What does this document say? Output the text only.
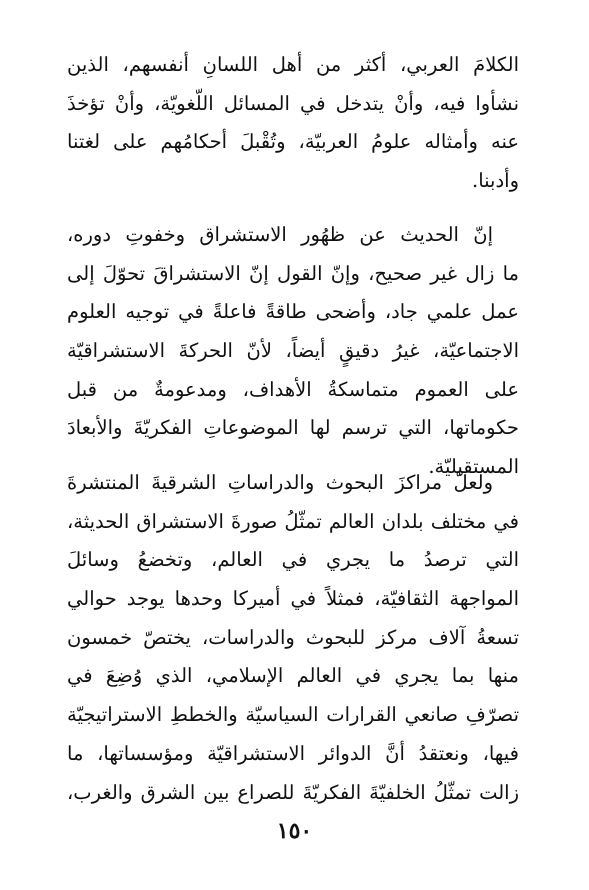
الكلامَ العربي، أكثر من أهل اللسانِ أنفسهم، الذين
نشأوا فيه، وأنْ يتدخل في المسائل اللّغويّة، وأنْ تؤخذَ
عنه وأمثاله علومُ العربيّة، وتُقْبلَ أحكامُهم على لغتنا
وأدبنا.
إنّ الحديث عن ظهُور الاستشراق وخفوتِ دوره،
ما زال غير صحيح، وإنّ القول إنّ الاستشراقَ تحوّلَ إلى
عمل علمي جاد، وأضحى طاقةً فاعلةً في توجيه العلوم
الاجتماعيّة، غيرُ دقيقٍ أيضاً، لأنّ الحركةَ الاستشراقيّة
على العموم متماسكةُ الأهداف، ومدعومةٌ من قبل
حكوماتها، التي ترسم لها الموضوعاتِ الفكريّةَ والأبعادَ
المستقبليّة.
ولعلّ مراكزَ البحوث والدراساتِ الشرقيةَ المنتشرةَ
في مختلف بلدان العالم تمثّلُ صورةَ الاستشراق الحديثة،
التي ترصدُ ما يجري في العالم، وتخضعُ وسائلَ
المواجهة الثقافيّة، فمثلاً في أميركا وحدها يوجد حوالي
تسعةُ آلاف مركز للبحوث والدراسات، يختصّ خمسون
منها بما يجري في العالم الإسلامي، الذي وُضِعَ في
تصرّفِ صانعي القرارات السياسيّة والخططِ الاستراتيجيّة
فيها، ونعتقدُ أنَّ الدوائر الاستشراقيّة ومؤسساتها، ما
زالت تمثّلُ الخلفيّةَ الفكريّةَ للصراع بين الشرق والغرب،
١٥٠
